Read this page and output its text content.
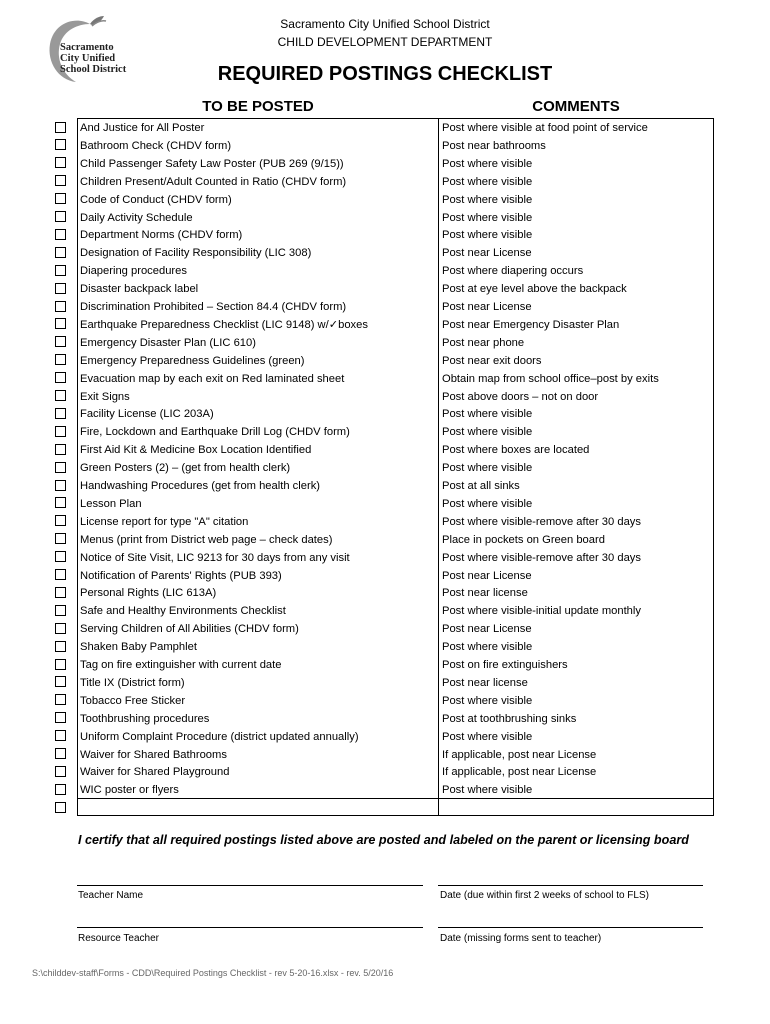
Sacramento
City Unified
School District
Sacramento City Unified School District
CHILD DEVELOPMENT DEPARTMENT
REQUIRED POSTINGS CHECKLIST
TO BE POSTED	COMMENTS
And Justice for All Poster	Post where visible at food point of service
Bathroom Check (CHDV form)	Post near bathrooms
Child Passenger Safety Law Poster (PUB 269 (9/15))	Post where visible
Children Present/Adult Counted in Ratio (CHDV form)	Post where visible
Code of Conduct (CHDV form)	Post where visible
Daily Activity Schedule	Post where visible
Department Norms (CHDV form)	Post where visible
Designation of Facility Responsibility (LIC 308)	Post near License
Diapering procedures	Post where diapering occurs
Disaster backpack label	Post at eye level above the backpack
Discrimination Prohibited – Section 84.4 (CHDV form)	Post near License
Earthquake Preparedness Checklist (LIC 9148) w/✓boxes	Post near Emergency Disaster Plan
Emergency Disaster Plan (LIC 610)	Post near phone
Emergency Preparedness Guidelines (green)	Post near exit doors
Evacuation map by each exit on Red laminated sheet	Obtain map from school office–post by exits
Exit Signs	Post above doors – not on door
Facility License (LIC 203A)	Post where visible
Fire, Lockdown and Earthquake Drill Log (CHDV form)	Post where visible
First Aid Kit & Medicine Box Location Identified	Post where boxes are located
Green Posters (2) – (get from health clerk)	Post where visible
Handwashing Procedures (get from health clerk)	Post at all sinks
Lesson Plan	Post where visible
License report for type "A" citation	Post where visible-remove after 30 days
Menus (print from District web page – check dates)	Place in pockets on Green board
Notice of Site Visit, LIC 9213 for 30 days from any visit	Post where visible-remove after 30 days
Notification of Parents' Rights (PUB 393)	Post near License
Personal Rights (LIC 613A)	Post near license
Safe and Healthy Environments Checklist	Post where visible-initial update monthly
Serving Children of All Abilities (CHDV form)	Post near License
Shaken Baby Pamphlet	Post where visible
Tag on fire extinguisher with current date	Post on fire extinguishers
Title IX (District form)	Post near license
Tobacco Free Sticker	Post where visible
Toothbrushing procedures	Post at toothbrushing sinks
Uniform Complaint Procedure (district updated annually)	Post where visible
Waiver for Shared Bathrooms	If applicable, post near License
Waiver for Shared Playground	If applicable, post near License
WIC poster or flyers	Post where visible
I certify that all required postings listed above are posted and labeled on the parent or licensing board
Teacher Name	Date (due within first 2 weeks of school to FLS)
Resource Teacher	Date (missing forms sent to teacher)
S:\childdev-staff\Forms - CDD\Required Postings Checklist - rev 5-20-16.xlsx - rev. 5/20/16
